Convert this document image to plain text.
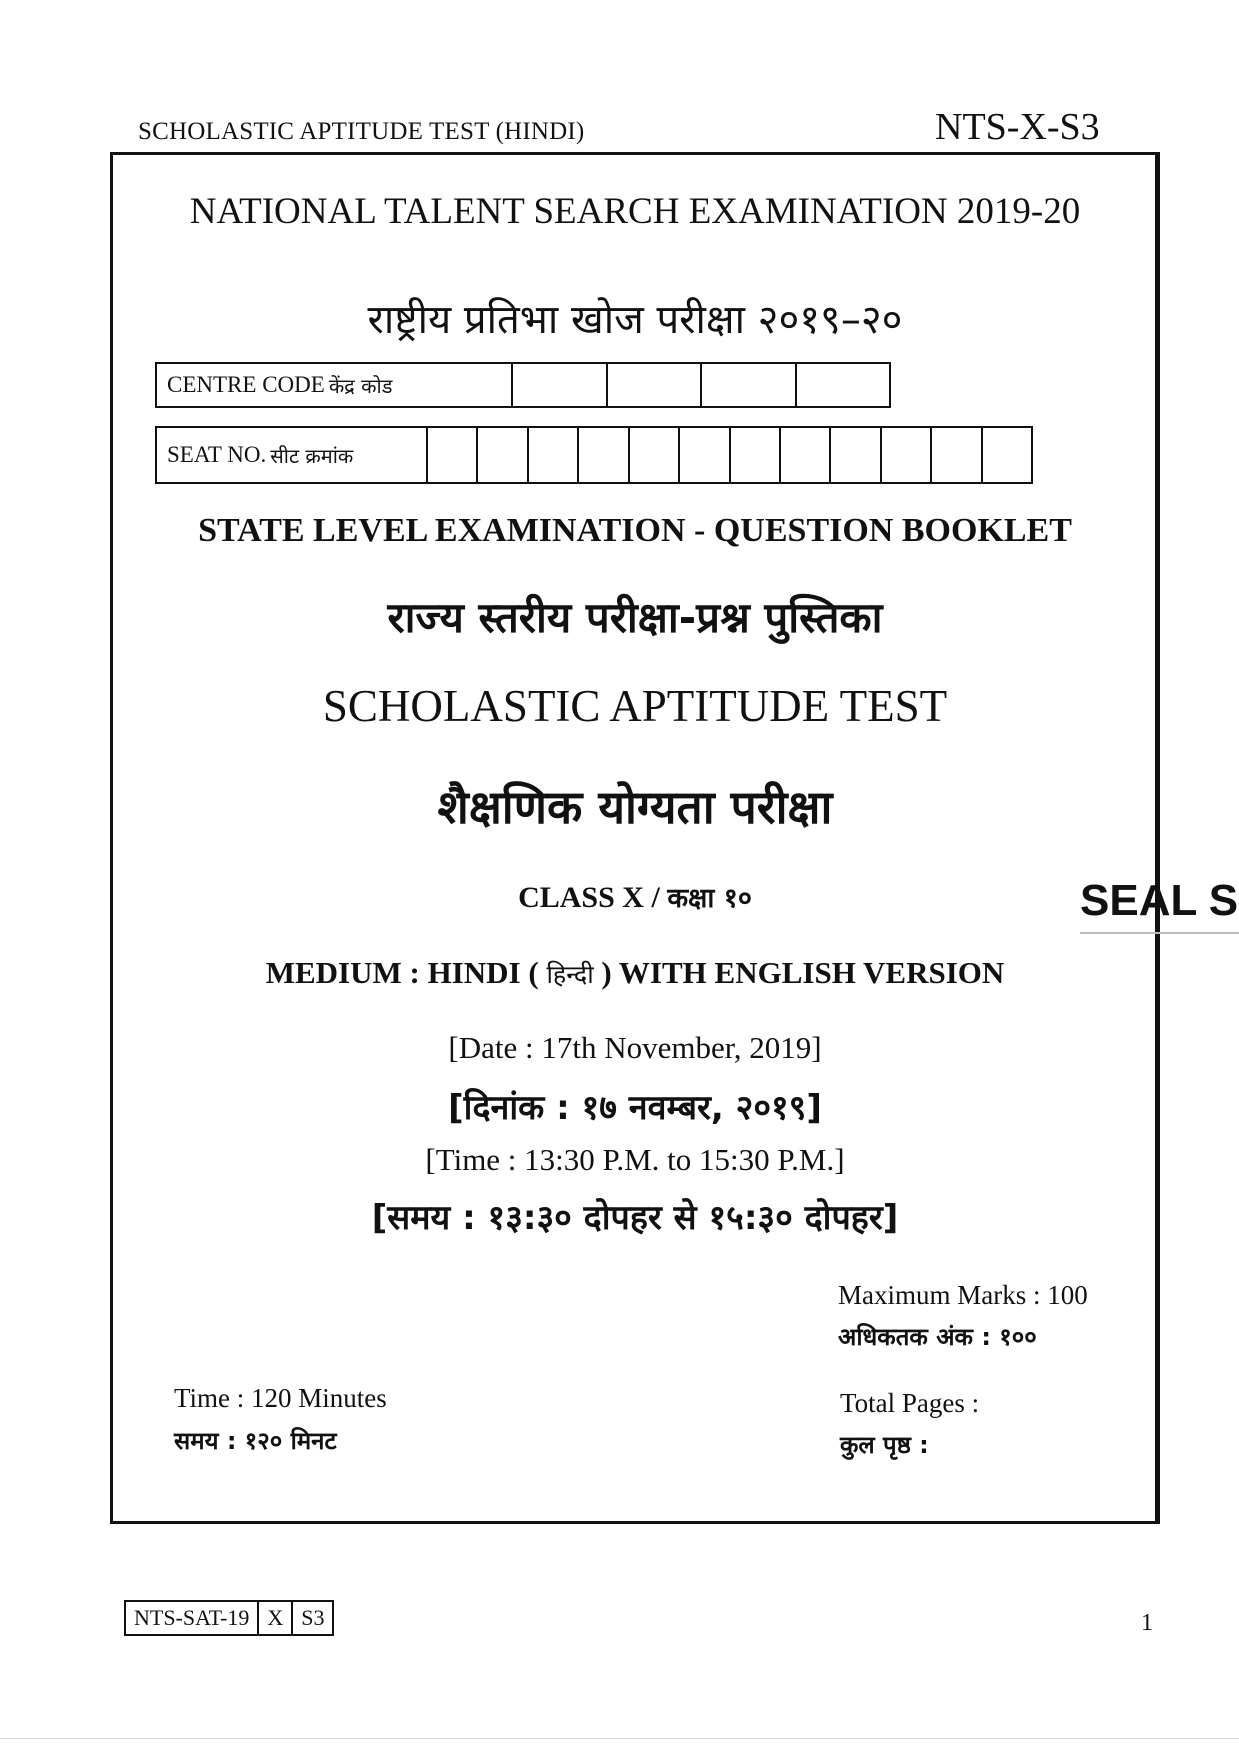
SCHOLASTIC APTITUDE TEST (HINDI)	NTS-X-S3
NATIONAL TALENT SEARCH EXAMINATION 2019-20
राष्ट्रीय प्रतिभा खोज परीक्षा २०१९–२०
CENTRE CODE केंद्र कोड
SEAT NO. सीट क्रमांक
STATE LEVEL EXAMINATION - QUESTION BOOKLET
राज्य स्तरीय परीक्षा-प्रश्न पुस्तिका
SCHOLASTIC APTITUDE TEST
शैक्षणिक योग्यता परीक्षा
CLASS X / कक्षा १०
MEDIUM : HINDI ( हिन्दी ) WITH ENGLISH VERSION
[Date : 17th November, 2019]
[दिनांक : १७ नवम्बर, २०१९]
[Time : 13:30 P.M. to 15:30 P.M.]
[समय : १३:३० दोपहर से १५:३० दोपहर]
Maximum Marks : 100
अधिकतक अंक : १००
Time : 120 Minutes
समय : १२० मिनट
Total Pages :
कुल पृष्ठ :
SEAL S
NTS-SAT-19 X S3	1
